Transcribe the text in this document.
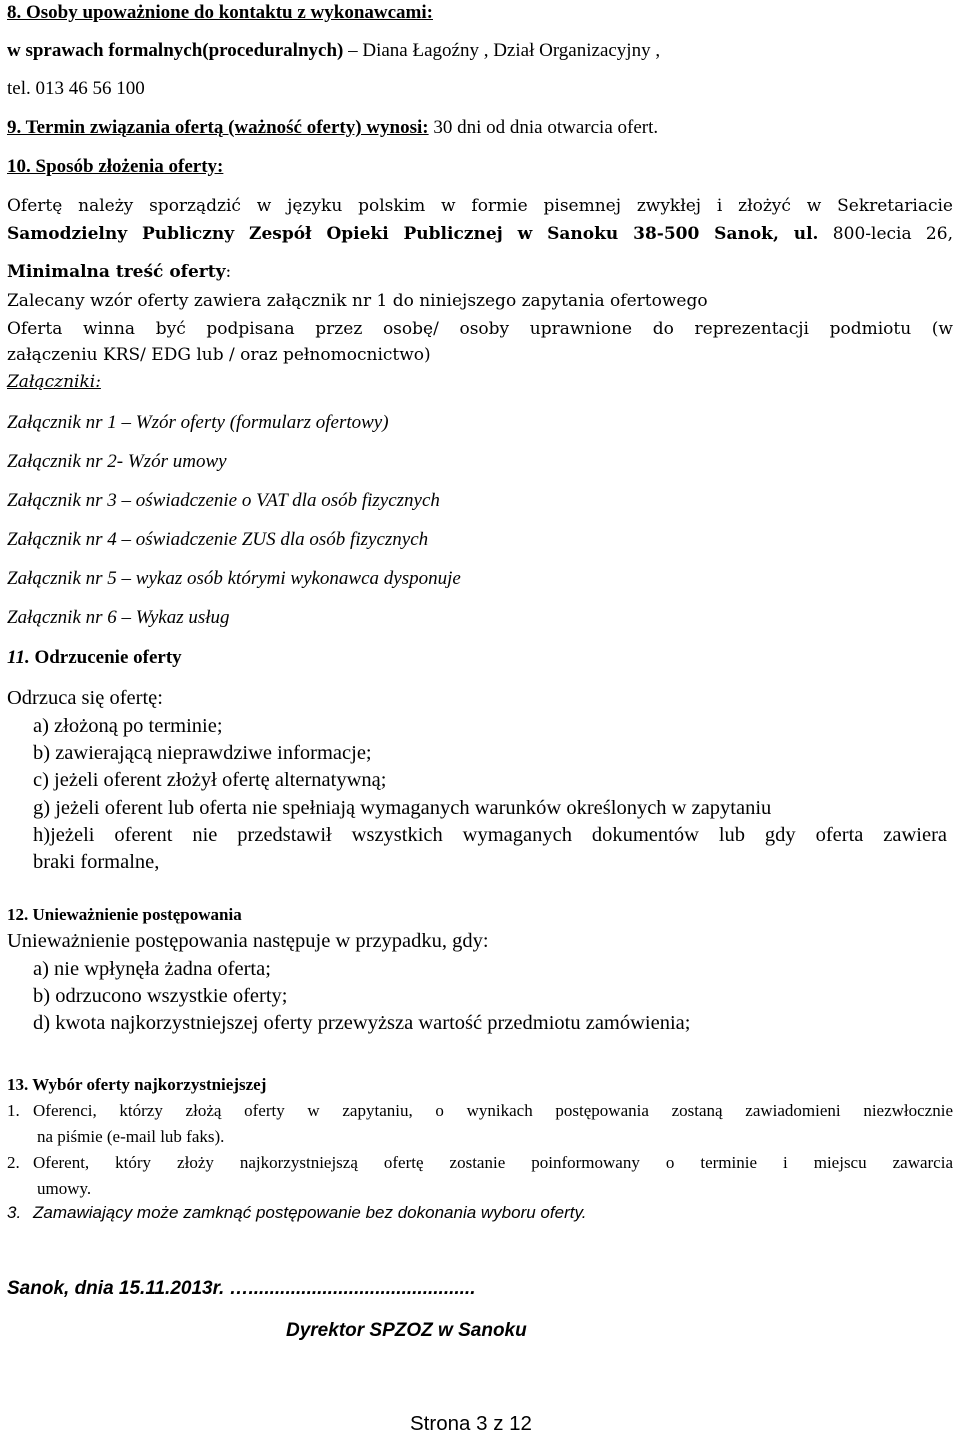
8. Osoby upoważnione do kontaktu z wykonawcami:
w sprawach formalnych(proceduralnych) – Diana Łagoźny , Dział Organizacyjny ,
tel. 013 46 56 100
9. Termin związania ofertą (ważność oferty) wynosi: 30 dni od dnia otwarcia ofert.
10. Sposób złożenia oferty:
Ofertę należy sporządzić w języku polskim w formie pisemnej zwykłej i złożyć w Sekretariacie
Samodzielny Publiczny Zespół Opieki Publicznej w Sanoku 38-500 Sanok, ul. 800-lecia 26,
Minimalna treść oferty:
Zalecany wzór oferty zawiera załącznik nr 1 do niniejszego zapytania ofertowego
Oferta winna być podpisana przez osobę/ osoby uprawnione do reprezentacji podmiotu (w
załączeniu KRS/ EDG lub / oraz pełnomocnictwo)
Załączniki:
Załącznik nr 1 – Wzór oferty (formularz ofertowy)
Załącznik nr 2- Wzór umowy
Załącznik nr 3 – oświadczenie o VAT dla osób fizycznych
Załącznik nr 4 – oświadczenie ZUS dla osób fizycznych
Załącznik nr 5 – wykaz osób którymi wykonawca dysponuje
Załącznik nr 6 – Wykaz usług
11. Odrzucenie oferty
Odrzuca się ofertę:
a) złożoną po terminie;
b) zawierającą nieprawdziwe informacje;
c) jeżeli oferent złożył ofertę alternatywną;
g) jeżeli oferent lub oferta nie spełniają wymaganych warunków określonych w zapytaniu
h)jeżeli oferent nie przedstawił wszystkich wymaganych dokumentów lub gdy oferta zawiera
braki formalne,
12. Unieważnienie postępowania
Unieważnienie postępowania następuje w przypadku, gdy:
a) nie wpłynęła żadna oferta;
b) odrzucono wszystkie oferty;
d) kwota najkorzystniejszej oferty przewyższa wartość przedmiotu zamówienia;
13. Wybór oferty najkorzystniejszej
1. Oferenci, którzy złożą oferty w zapytaniu, o wynikach postępowania zostaną zawiadomieni niezwłocznie
na piśmie (e-mail lub faks).
2. Oferent, który złoży najkorzystniejszą ofertę zostanie poinformowany o terminie i miejscu zawarcia
umowy.
3. Zamawiający może zamknąć postępowanie bez dokonania wyboru oferty.
Sanok, dnia 15.11.2013r. …...........................................
Dyrektor SPZOZ w Sanoku
Strona 3 z 12
